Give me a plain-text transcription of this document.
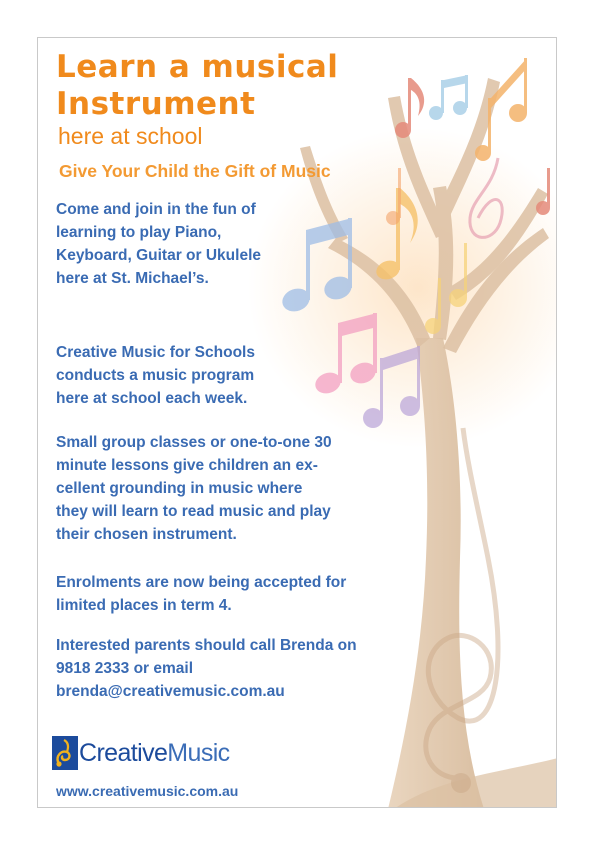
Learn a musical
Instrument

here at school

Give Your Child the Gift of Music

Come and join in the fun of
learning to play Piano,
Keyboard, Guitar or Ukulele
here at St. Michael’s.

Creative Music for Schools
conducts a music program
here at school each week.

Small group classes or one-to-one 30
minute lessons give children an ex-
cellent grounding in music where
they will learn to read music and play
their chosen instrument.

Enrolments are now being accepted for
limited places in term 4.

Interested parents should call Brenda on
9818 2333 or email
brenda@creativemusic.com.au

CreativeMusic

www.creativemusic.com.au
